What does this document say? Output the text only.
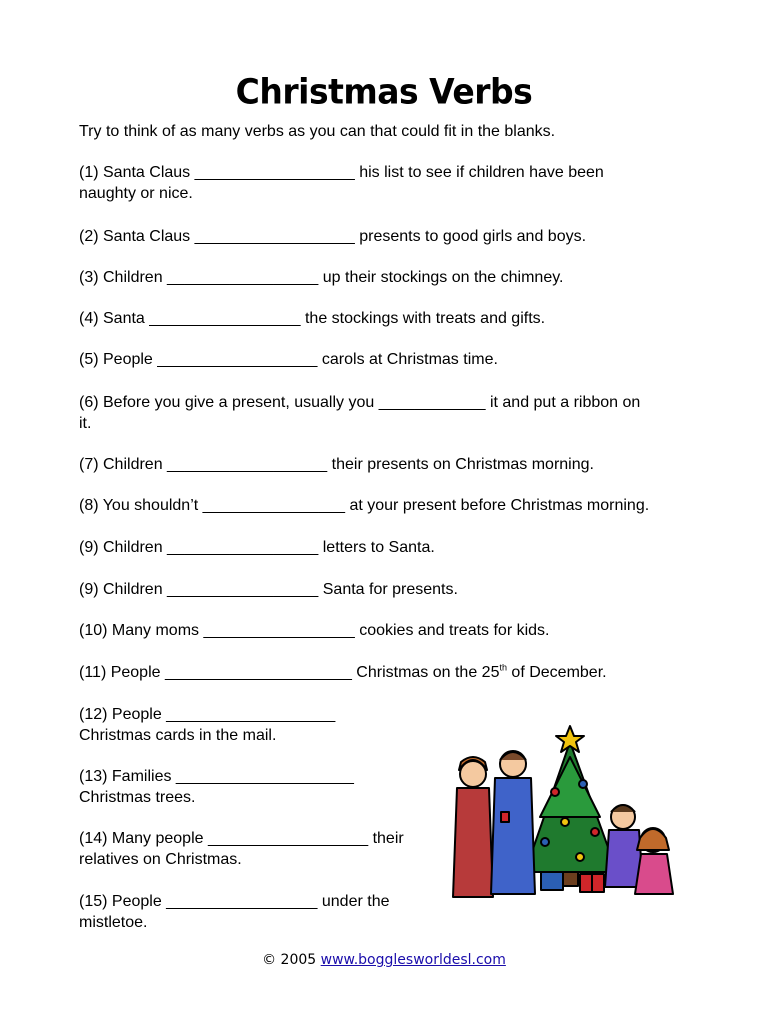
Christmas Verbs
Try to think of as many verbs as you can that could fit in the blanks.
(1) Santa Claus __________________ his list to see if children have been
naughty or nice.
(2) Santa Claus __________________ presents to good girls and boys.
(3) Children _________________ up their stockings on the chimney.
(4) Santa _________________ the stockings with treats and gifts.
(5) People __________________ carols at Christmas time.
(6) Before you give a present, usually you ____________ it and put a ribbon on
it.
(7) Children __________________ their presents on Christmas morning.
(8) You shouldn’t ________________ at your present before Christmas morning.
(9) Children _________________ letters to Santa.
(9) Children _________________ Santa for presents.
(10) Many moms _________________ cookies and treats for kids.
(11) People _____________________ Christmas on the 25th of December.
(12) People ___________________
Christmas cards in the mail.
(13) Families ____________________
Christmas trees.
(14) Many people __________________ their
relatives on Christmas.
(15) People _________________ under the
mistletoe.
© 2005 www.bogglesworldesl.com
